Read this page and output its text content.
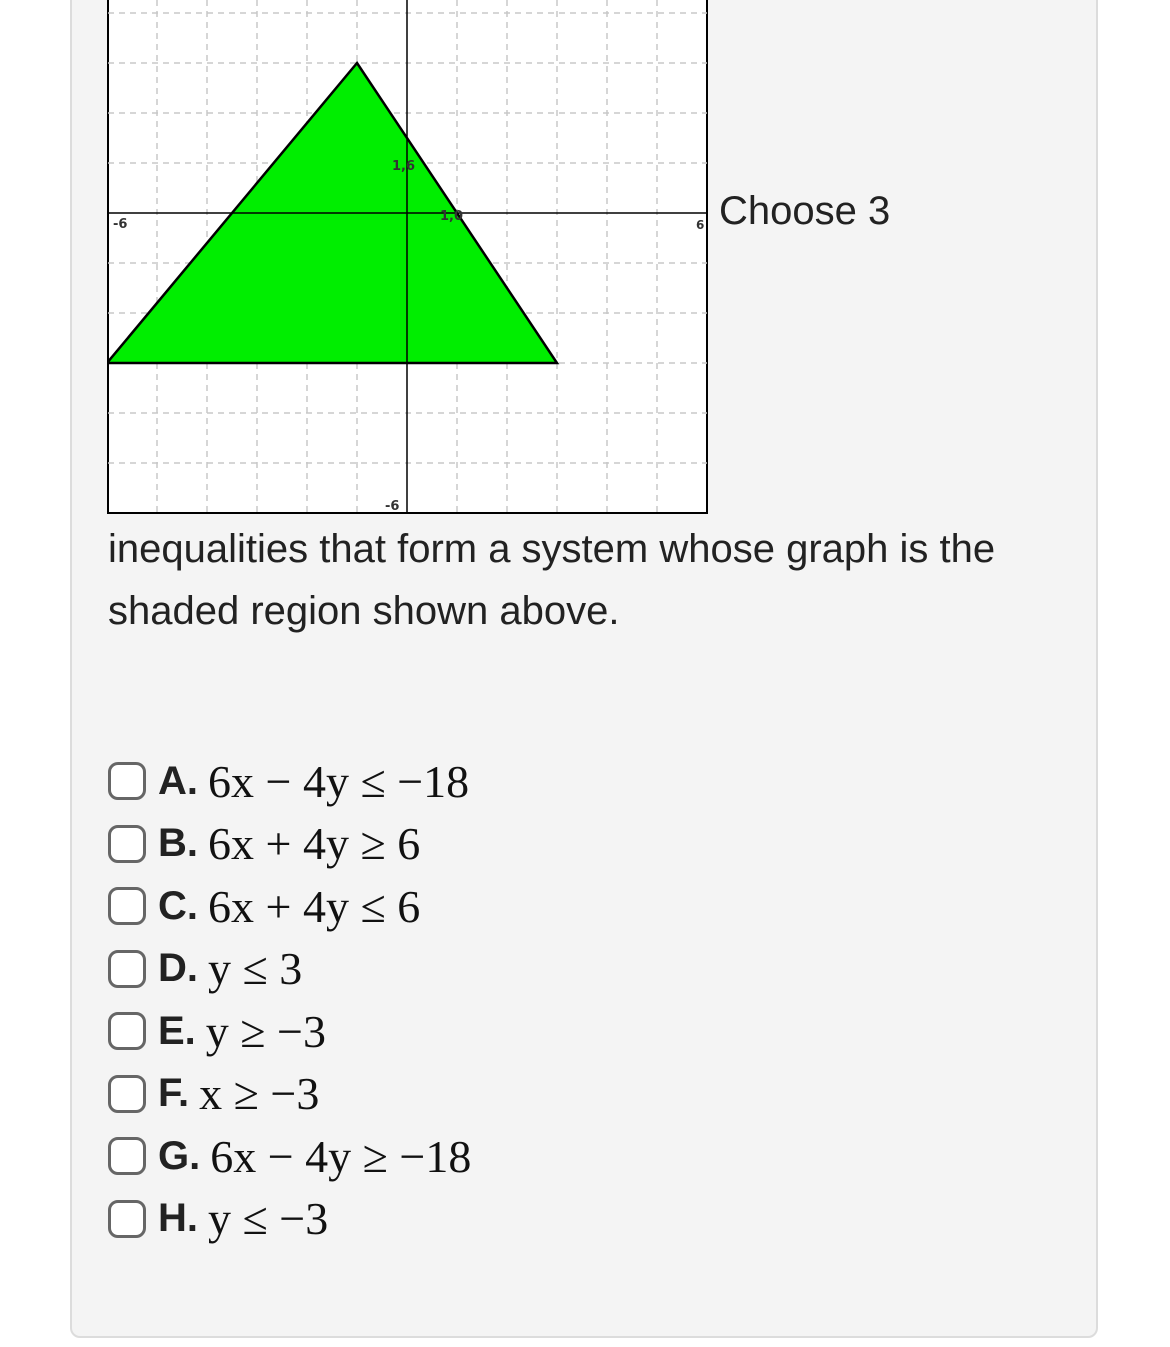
-6	6
-6
1,6
1,0	Choose 3
inequalities that form a system whose graph is the shaded region shown above.
A. 6x − 4y ≤ −18
B. 6x + 4y ≥ 6
C. 6x + 4y ≤ 6
D. y ≤ 3
E. y ≥ −3
F. x ≥ −3
G. 6x − 4y ≥ −18
H. y ≤ −3
